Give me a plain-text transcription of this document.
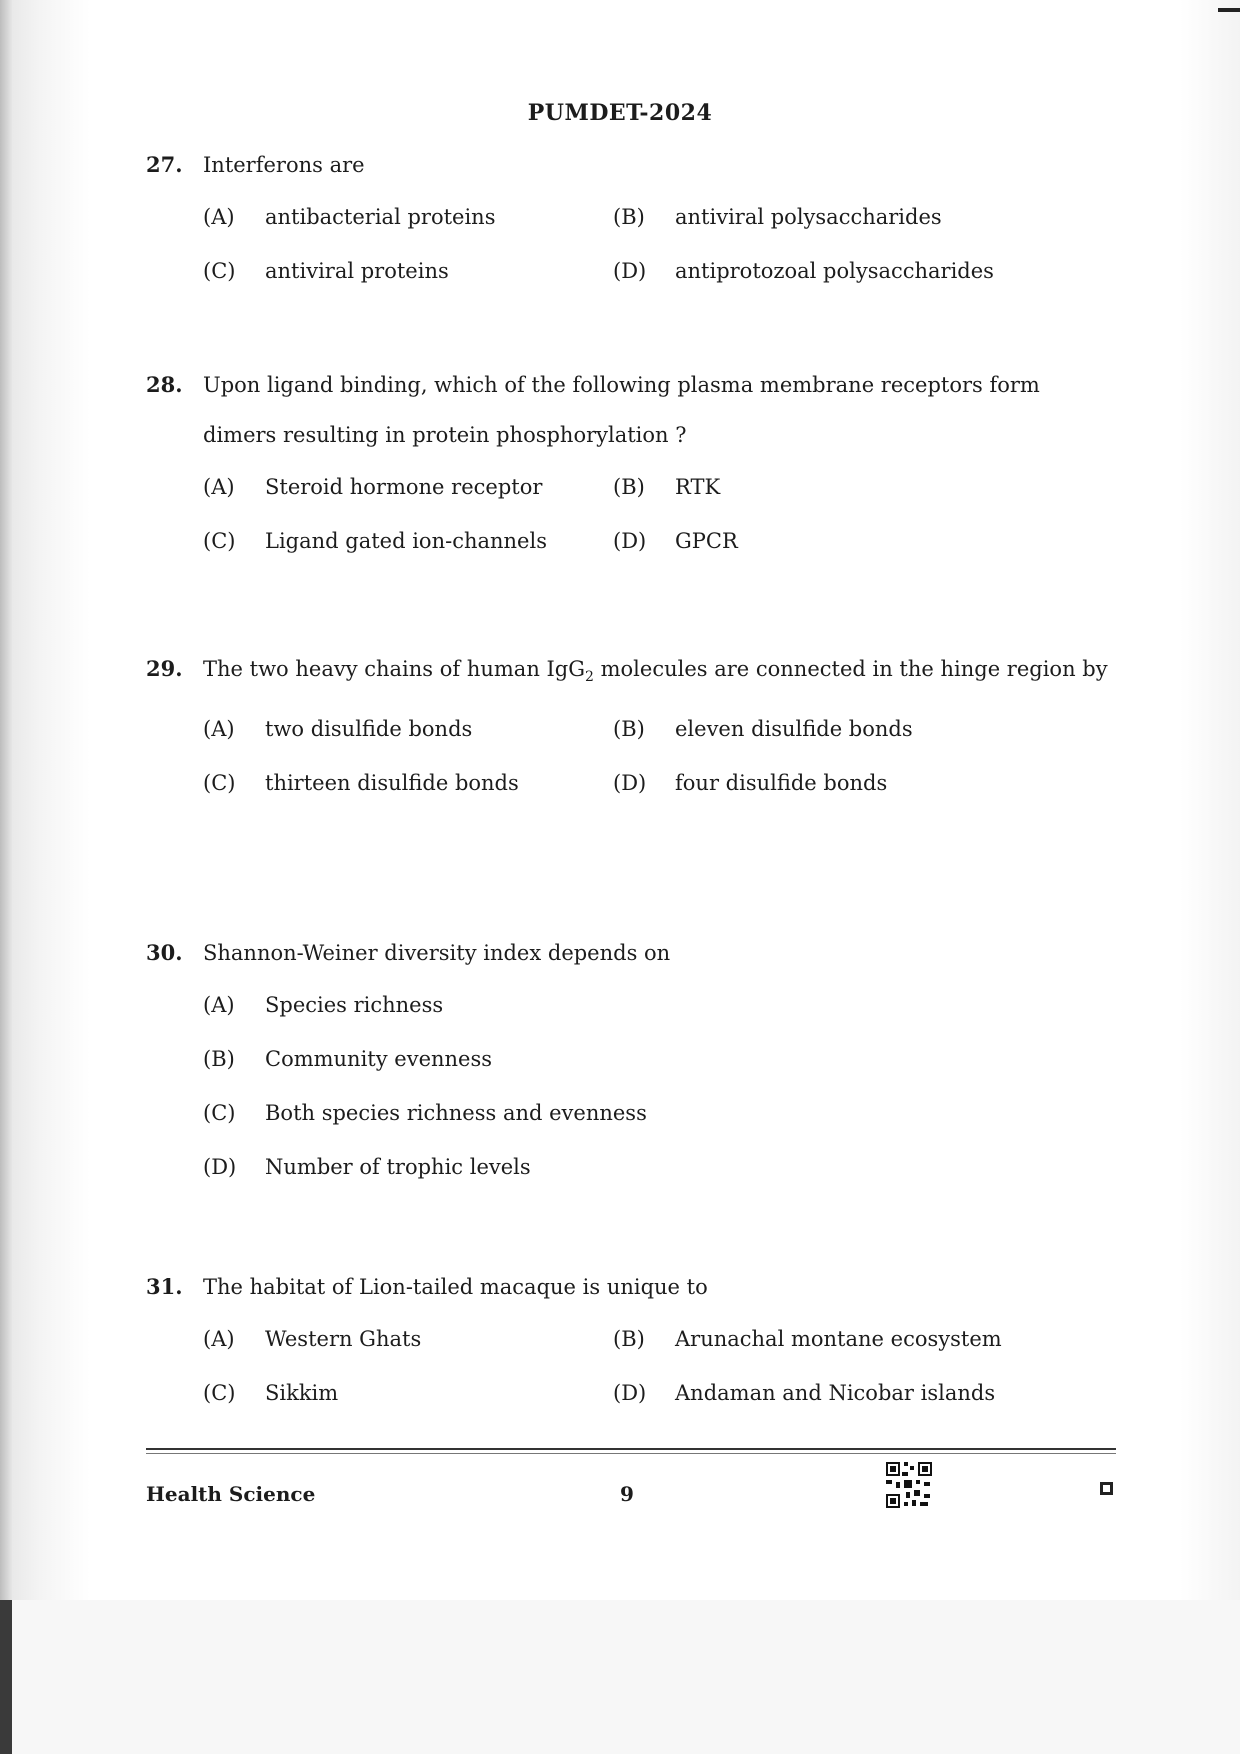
PUMDET-2024
27. Interferons are
(A) antibacterial proteins	(B) antiviral polysaccharides
(C) antiviral proteins	(D) antiprotozoal polysaccharides
28. Upon ligand binding, which of the following plasma membrane receptors form dimers resulting in protein phosphorylation ?
(A) Steroid hormone receptor	(B) RTK
(C) Ligand gated ion-channels	(D) GPCR
29. The two heavy chains of human IgG$_2$ molecules are connected in the hinge region by
(A) two disulfide bonds	(B) eleven disulfide bonds
(C) thirteen disulfide bonds	(D) four disulfide bonds
30. Shannon-Weiner diversity index depends on
(A) Species richness
(B) Community evenness
(C) Both species richness and evenness
(D) Number of trophic levels
31. The habitat of Lion-tailed macaque is unique to
(A) Western Ghats	(B) Arunachal montane ecosystem
(C) Sikkim	(D) Andaman and Nicobar islands
Health Science	9
